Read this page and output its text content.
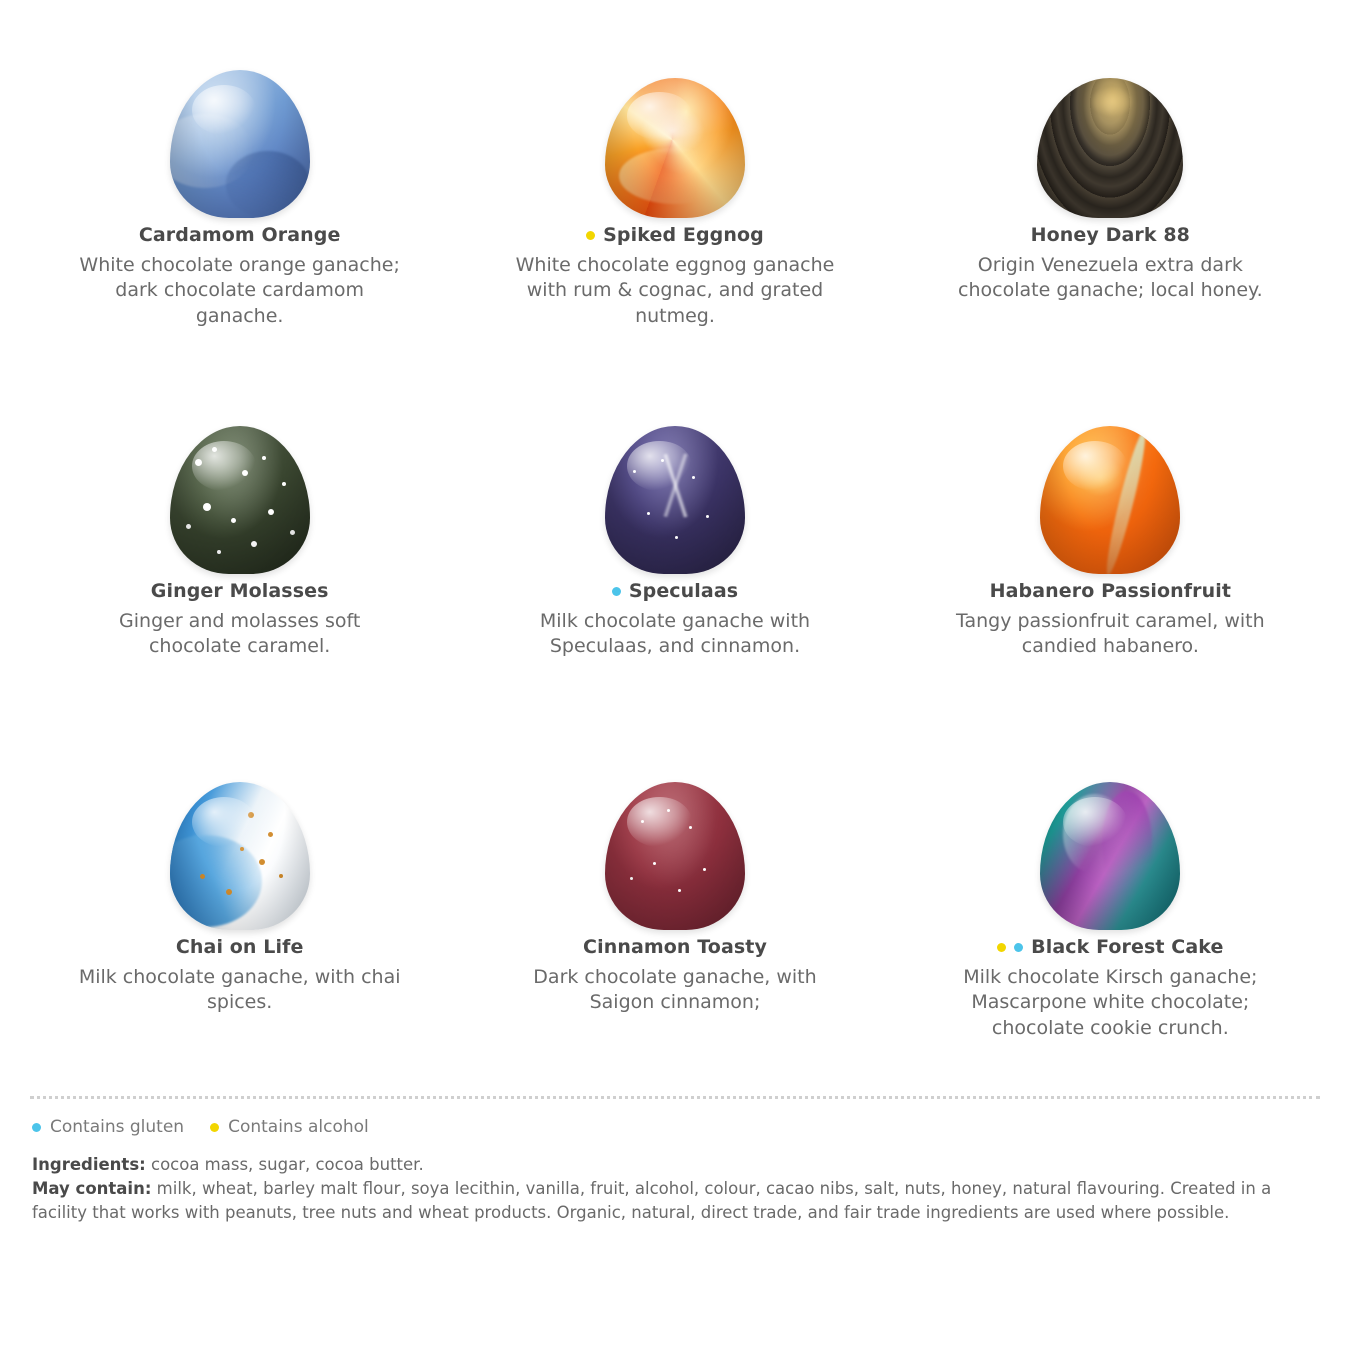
Cardamom Orange
White chocolate orange ganache; dark chocolate cardamom ganache.
Spiked Eggnog
White chocolate eggnog ganache with rum & cognac, and grated nutmeg.
Honey Dark 88
Origin Venezuela extra dark chocolate ganache; local honey.
Ginger Molasses
Ginger and molasses soft chocolate caramel.
Speculaas
Milk chocolate ganache with Speculaas, and cinnamon.
Habanero Passionfruit
Tangy passionfruit caramel, with candied habanero.
Chai on Life
Milk chocolate ganache, with chai spices.
Cinnamon Toasty
Dark chocolate ganache, with Saigon cinnamon;
Black Forest Cake
Milk chocolate Kirsch ganache; Mascarpone white chocolate; chocolate cookie crunch.
Contains gluten	Contains alcohol
Ingredients: cocoa mass, sugar, cocoa butter.
May contain: milk, wheat, barley malt flour, soya lecithin, vanilla, fruit, alcohol, colour, cacao nibs, salt, nuts, honey, natural flavouring. Created in a facility that works with peanuts, tree nuts and wheat products. Organic, natural, direct trade, and fair trade ingredients are used where possible.
